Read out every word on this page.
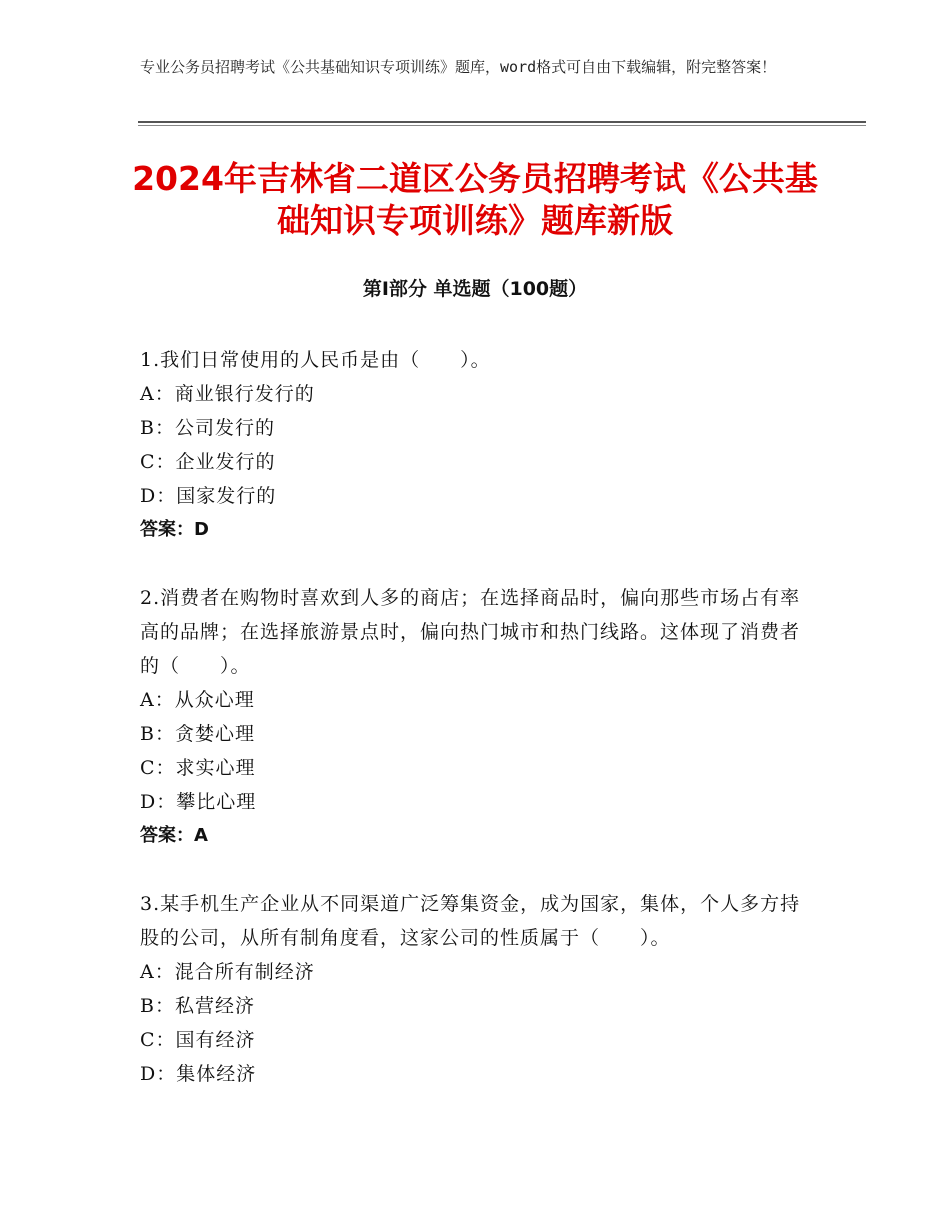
专业公务员招聘考试《公共基础知识专项训练》题库，word格式可自由下载编辑，附完整答案！
2024年吉林省二道区公务员招聘考试《公共基础知识专项训练》题库新版
第Ⅰ部分 单选题（100题）
1.我们日常使用的人民币是由（　　）。
A：商业银行发行的
B：公司发行的
C：企业发行的
D：国家发行的
答案：D
2.消费者在购物时喜欢到人多的商店；在选择商品时，偏向那些市场占有率高的品牌；在选择旅游景点时，偏向热门城市和热门线路。这体现了消费者的（　　）。
A：从众心理
B：贪婪心理
C：求实心理
D：攀比心理
答案：A
3.某手机生产企业从不同渠道广泛筹集资金，成为国家，集体，个人多方持股的公司，从所有制角度看，这家公司的性质属于（　　）。
A：混合所有制经济
B：私营经济
C：国有经济
D：集体经济
